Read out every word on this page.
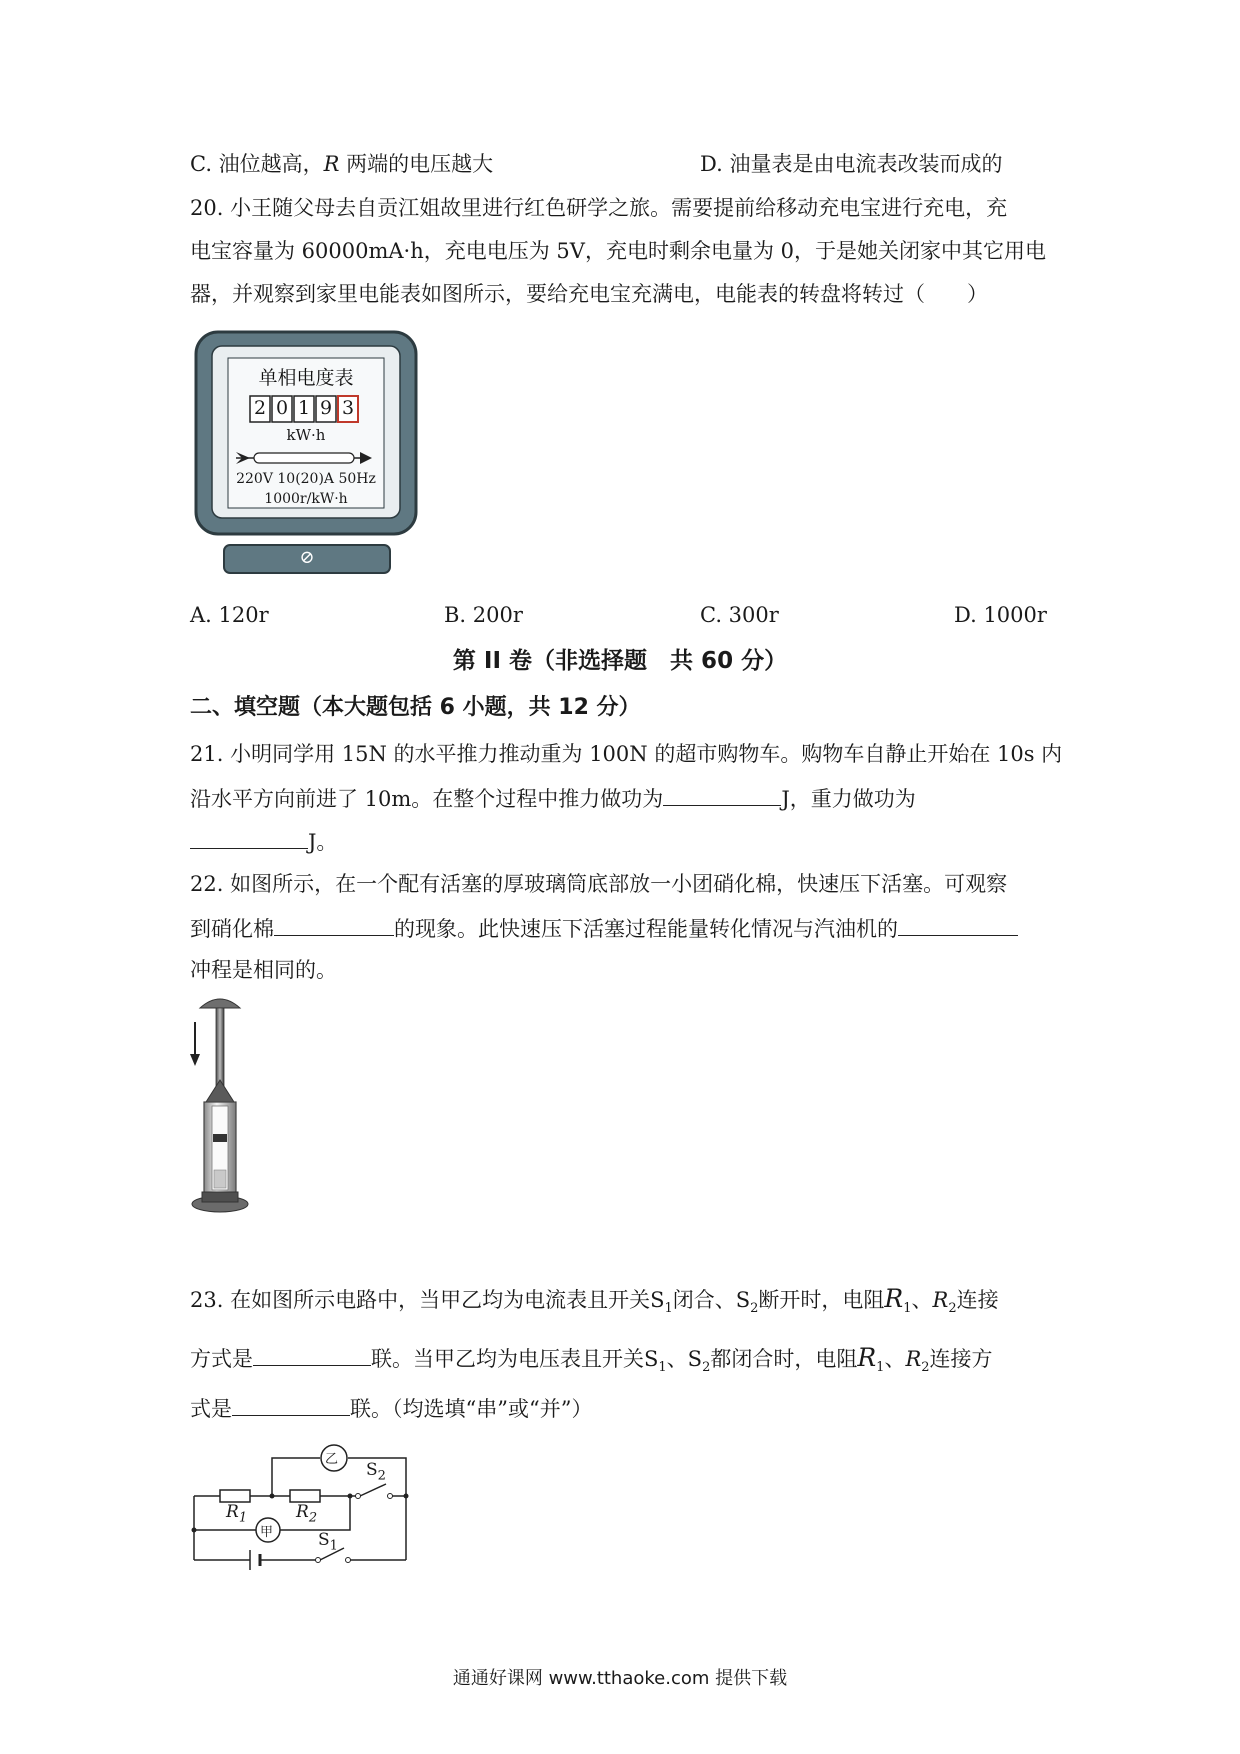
C. 油位越高，R 两端的电压越大	D. 油量表是由电流表改装而成的
20. 小王随父母去自贡江姐故里进行红色研学之旅。需要提前给移动充电宝进行充电，充
电宝容量为 60000mA·h，充电电压为 5V，充电时剩余电量为 0，于是她关闭家中其它用电
器，并观察到家里电能表如图所示，要给充电宝充满电，电能表的转盘将转过（　　）
单相电度表
2 0 1 9 3
kW·h
220V 10(20)A 50Hz
1000r/kW·h
⊘
A. 120r	B. 200r	C. 300r	D. 1000r
第 II 卷（非选择题　共 60 分）
二、填空题（本大题包括 6 小题，共 12 分）
21. 小明同学用 15N 的水平推力推动重为 100N 的超市购物车。购物车自静止开始在 10s 内
沿水平方向前进了 10m。在整个过程中推力做功为	J，重力做功为
J。
22. 如图所示，在一个配有活塞的厚玻璃筒底部放一小团硝化棉，快速压下活塞。可观察
到硝化棉	的现象。此快速压下活塞过程能量转化情况与汽油机的
冲程是相同的。
23. 在如图所示电路中，当甲乙均为电流表且开关$S_1$闭合、$S_2$断开时，电阻$R_1$、$R_2$连接
方式是	联。当甲乙均为电压表且开关$S_1$、$S_2$都闭合时，电阻$R_1$、$R_2$连接方
式是	联。（均选填“串”或“并”）
乙
甲
$R_1$	$R_2$
$S_2$
$S_1$
通通好课网 www.tthaoke.com 提供下载
